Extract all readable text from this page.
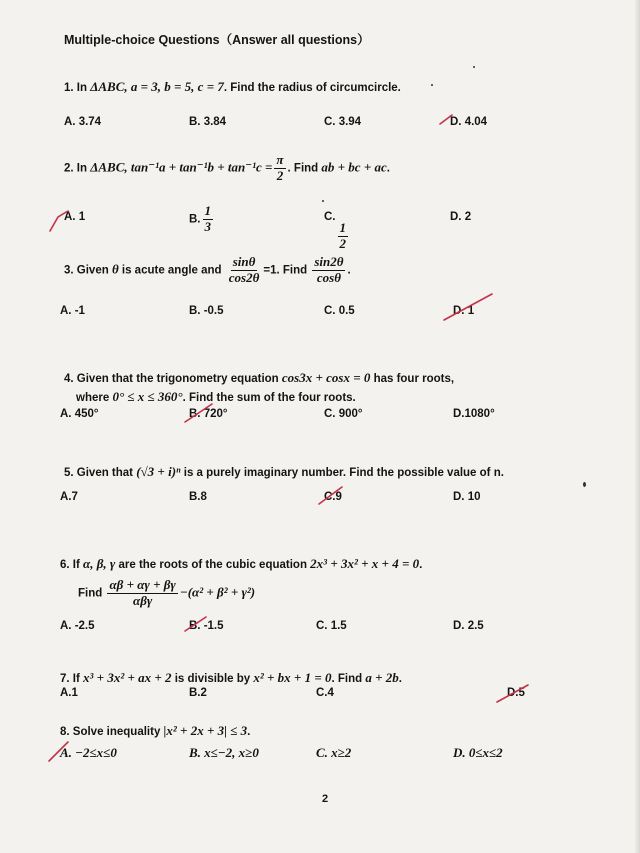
Multiple-choice Questions（Answer all questions）
1. In ΔABC, a = 3, b = 5, c = 7. Find the radius of circumcircle.
A. 3.74	B. 3.84	C. 3.94	D. 4.04
2. In ΔABC, $\tan^{-1}a + \tan^{-1}b + \tan^{-1}c = \frac{\pi}{2}$ . Find ab + bc + ac.
A. 1	B. $\frac{1}{3}$	C.
$\frac{1}{2}$
D. 2
3. Given θ is acute angle and $\frac{\sin\theta}{\cos 2\theta} =1$. Find $\frac{\sin 2\theta}{\cos\theta}$ .
A. -1	B. -0.5	C. 0.5	D. 1
4. Given that the trigonometry equation cos3x + cosx = 0 has four roots,
where 0° ≤ x ≤ 360°. Find the sum of the four roots.
A. 450°	B. 720°	C. 900°	D.1080°
5. Given that (√3 + i)ⁿ is a purely imaginary number. Find the possible value of n.
A.7	B.8	C.9	D. 10
6. If α, β, γ are the roots of the cubic equation 2x³ + 3x² + x + 4 = 0.
Find $\frac{\alpha\beta + \alpha\gamma + \beta\gamma}{\text{αβγ}} -(\alpha^2 + \beta^2 + \gamma^2)$
A. -2.5	B. -1.5	C. 1.5	D. 2.5
7. If x³ + 3x² + ax + 2 is divisible by x² + bx + 1 = 0. Find a + 2b.
A.1	B.2	C.4	D.5
8. Solve inequality |x² + 2x + 3| ≤ 3.
A. −2≤x≤0	B. x≤−2, x≥0	C. x≥2	D. 0≤x≤2
2
